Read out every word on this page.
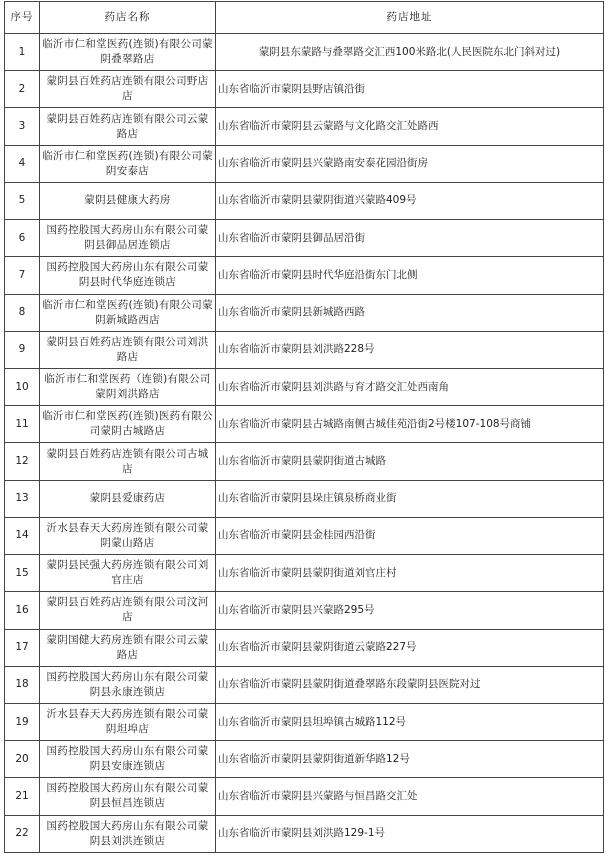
序号	药店名称	药店地址
1	临沂市仁和堂医药(连锁)有限公司蒙阴叠翠路店	蒙阴县东蒙路与叠翠路交汇西100米路北(人民医院东北门斜对过)
2	蒙阴县百姓药店连锁有限公司野店店	山东省临沂市蒙阴县野店镇沿街
3	蒙阴县百姓药店连锁有限公司云蒙路店	山东省临沂市蒙阴县云蒙路与文化路交汇处路西
4	临沂市仁和堂医药(连锁)有限公司蒙阴安泰店	山东省临沂市蒙阴县兴蒙路南安泰花园沿街房
5	蒙阴县健康大药房	山东省临沂市蒙阴县蒙阴街道兴蒙路409号
6	国药控股国大药房山东有限公司蒙阴县御品居连锁店	山东省临沂市蒙阴县御品居沿街
7	国药控股国大药房山东有限公司蒙阴县时代华庭连锁店	山东省临沂市蒙阴县时代华庭沿街东门北侧
8	临沂市仁和堂医药(连锁)有限公司蒙阴新城路西店	山东省临沂市蒙阴县新城路西路
9	蒙阴县百姓药店连锁有限公司刘洪路店	山东省临沂市蒙阴县刘洪路228号
10	临沂市仁和堂医药（连锁)有限公司蒙阴刘洪路店	山东省临沂市蒙阴县刘洪路与育才路交汇处西南角
11	临沂市仁和堂医药(连锁)医药有限公司蒙阴古城路店	山东省临沂市蒙阴县古城路南侧古城佳苑沿街2号楼107-108号商铺
12	蒙阴县百姓药店连锁有限公司古城店	山东省临沂市蒙阴县蒙阴街道古城路
13	蒙阴县爱康药店	山东省临沂市蒙阴县垛庄镇泉桥商业街
14	沂水县春天大药房连锁有限公司蒙阴蒙山路店	山东省临沂市蒙阴县金桂园西沿街
15	蒙阴县民强大药房连锁有限公司刘官庄店	山东省临沂市蒙阴县蒙阴街道刘官庄村
16	蒙阴县百姓药店连锁有限公司汶河店	山东省临沂市蒙阴县兴蒙路295号
17	蒙阴国健大药房连锁有限公司云蒙路店	山东省临沂市蒙阴县蒙阴街道云蒙路227号
18	国药控股国大药房山东有限公司蒙阴县永康连锁店	山东省临沂市蒙阴县蒙阴街道叠翠路东段蒙阴县医院对过
19	沂水县春天大药房连锁有限公司蒙阴坦埠店	山东省临沂市蒙阴县坦埠镇古城路112号
20	国药控股国大药房山东有限公司蒙阴县安康连锁店	山东省临沂市蒙阴县蒙阴街道新华路12号
21	国药控股国大药房山东有限公司蒙阴县恒昌连锁店	山东省临沂市蒙阴县兴蒙路与恒昌路交汇处
22	国药控股国大药房山东有限公司蒙阴县刘洪连锁店	山东省临沂市蒙阴县刘洪路129-1号
